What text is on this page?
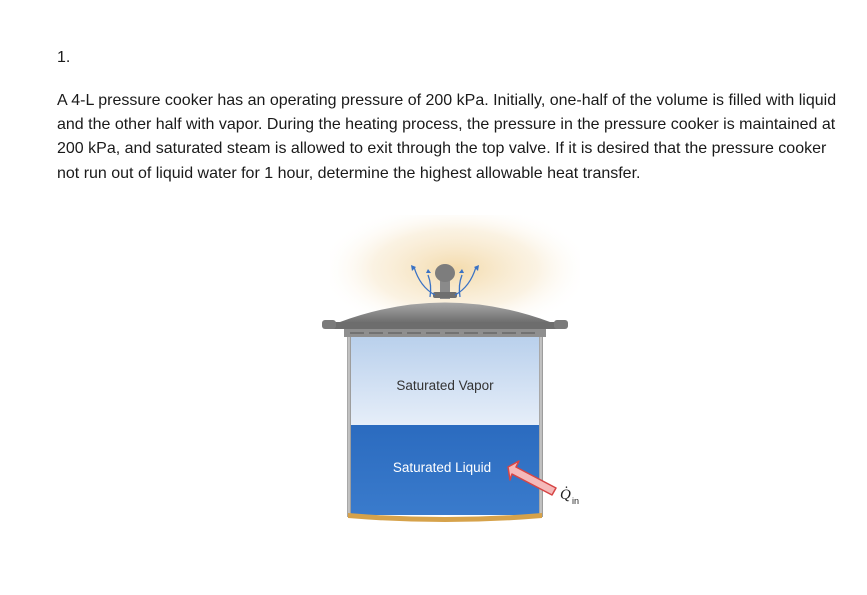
1.

A 4-L pressure cooker has an operating pressure of 200 kPa. Initially, one-half of the volume is filled with liquid and the other half with vapor. During the heating process, the pressure in the pressure cooker is maintained at 200 kPa, and saturated steam is allowed to exit through the top valve. If it is desired that the pressure cooker not run out of liquid water for 1 hour, determine the highest allowable heat transfer.

Saturated Vapor
Saturated Liquid
Q̇ in
